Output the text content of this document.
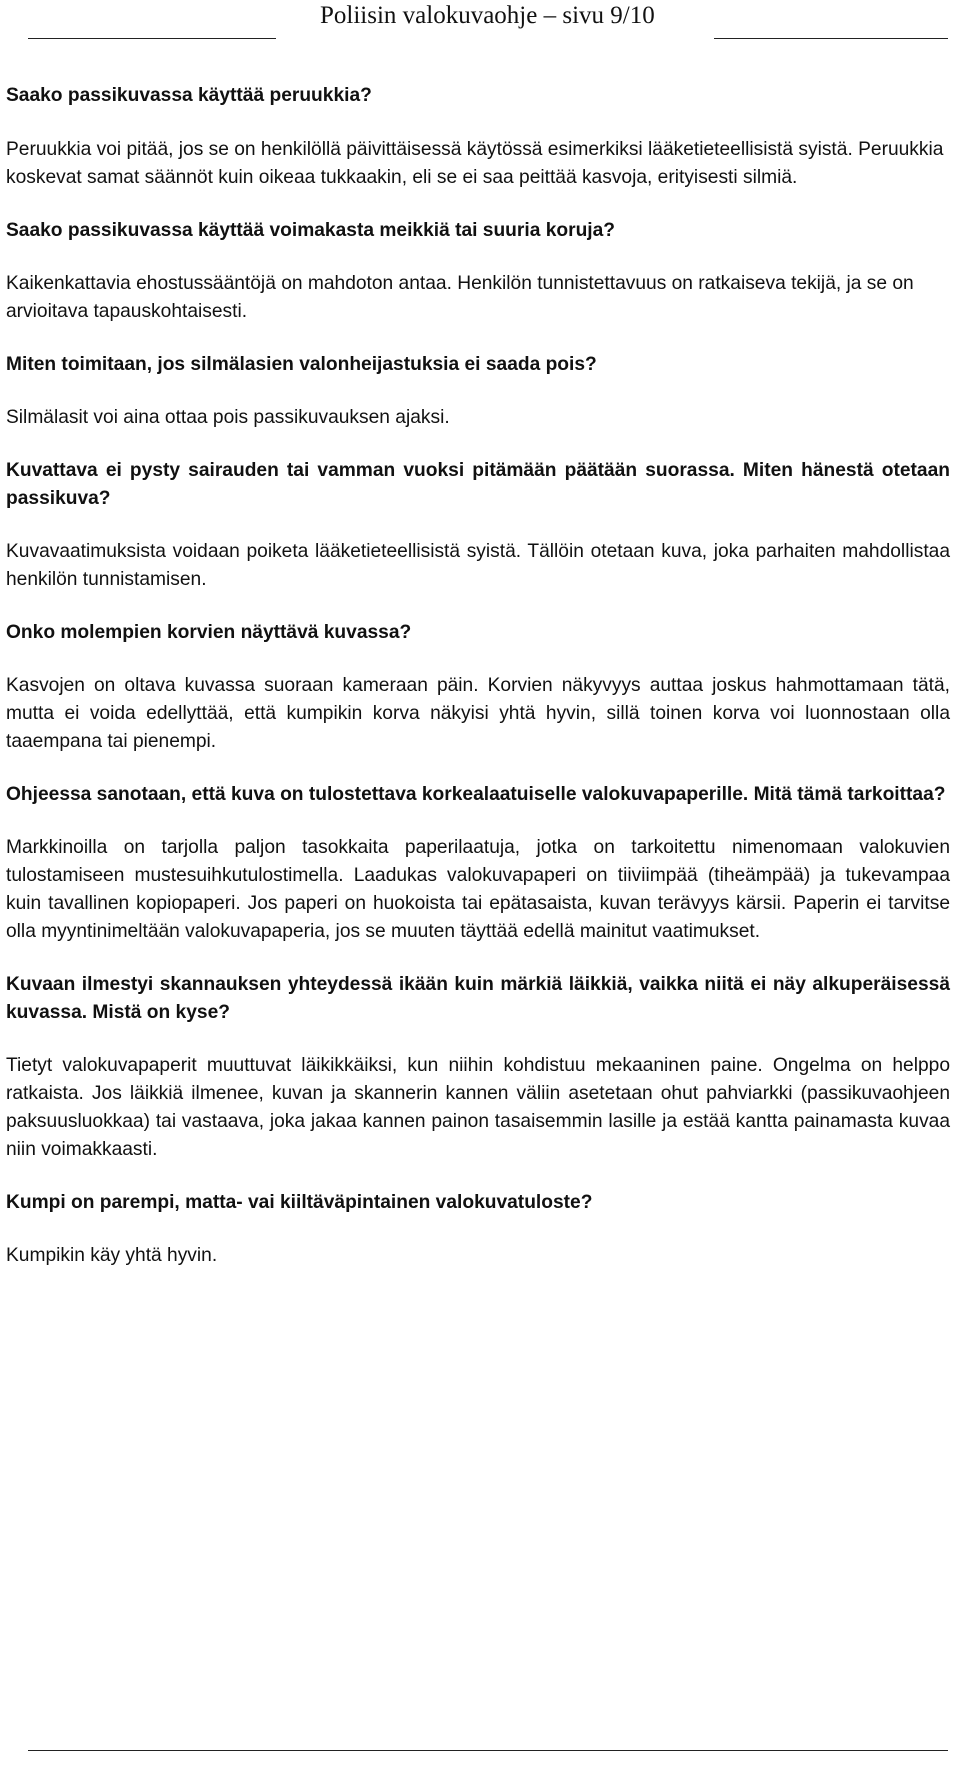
Poliisin valokuvaohje – sivu 9/10

Saako passikuvassa käyttää peruukkia?

Peruukkia voi pitää, jos se on henkilöllä päivittäisessä käytössä esimerkiksi lääketieteellisistä syistä. Peruukkia koskevat samat säännöt kuin oikeaa tukkaakin, eli se ei saa peittää kasvoja, erityisesti silmiä.

Saako passikuvassa käyttää voimakasta meikkiä tai suuria koruja?

Kaikenkattavia ehostussääntöjä on mahdoton antaa. Henkilön tunnistettavuus on ratkaiseva tekijä, ja se on arvioitava tapauskohtaisesti.

Miten toimitaan, jos silmälasien valonheijastuksia ei saada pois?

Silmälasit voi aina ottaa pois passikuvauksen ajaksi.

Kuvattava ei pysty sairauden tai vamman vuoksi pitämään päätään suorassa. Miten hänestä otetaan passikuva?

Kuvavaatimuksista voidaan poiketa lääketieteellisistä syistä. Tällöin otetaan kuva, joka parhaiten mahdollistaa henkilön tunnistamisen.

Onko molempien korvien näyttävä kuvassa?

Kasvojen on oltava kuvassa suoraan kameraan päin. Korvien näkyvyys auttaa joskus hahmottamaan tätä, mutta ei voida edellyttää, että kumpikin korva näkyisi yhtä hyvin, sillä toinen korva voi luonnostaan olla taaempana tai pienempi.

Ohjeessa sanotaan, että kuva on tulostettava korkealaatuiselle valokuvapaperille. Mitä tämä tarkoittaa?

Markkinoilla on tarjolla paljon tasokkaita paperilaatuja, jotka on tarkoitettu nimenomaan valokuvien tulostamiseen mustesuihkutulostimella. Laadukas valokuvapaperi on tiiviimpää (tiheämpää) ja tukevampaa kuin tavallinen kopiopaperi. Jos paperi on huokoista tai epätasaista, kuvan terävyys kärsii. Paperin ei tarvitse olla myyntinimeltään valokuvapaperia, jos se muuten täyttää edellä mainitut vaatimukset.

Kuvaan ilmestyi skannauksen yhteydessä ikään kuin märkiä läikkiä, vaikka niitä ei näy alkuperäisessä kuvassa. Mistä on kyse?

Tietyt valokuvapaperit muuttuvat läikikkäiksi, kun niihin kohdistuu mekaaninen paine. Ongelma on helppo ratkaista. Jos läikkiä ilmenee, kuvan ja skannerin kannen väliin asetetaan ohut pahviarkki (passikuvaohjeen paksuusluokkaa) tai vastaava, joka jakaa kannen painon tasaisemmin lasille ja estää kantta painamasta kuvaa niin voimakkaasti.

Kumpi on parempi, matta- vai kiiltäväpintainen valokuvatuloste?

Kumpikin käy yhtä hyvin.
